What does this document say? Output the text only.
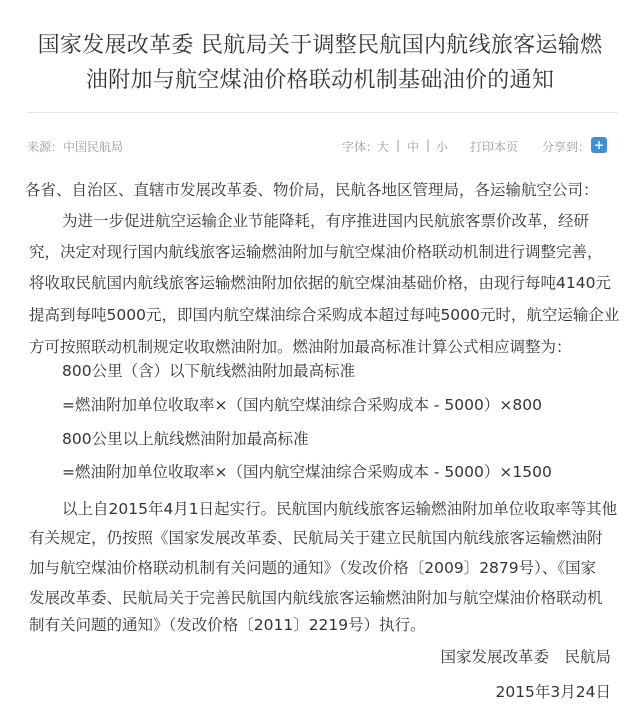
国家发展改革委 民航局关于调整民航国内航线旅客运输燃
油附加与航空煤油价格联动机制基础油价的通知
来源：中国民航局	字体：
大 | 中 | 小 打印本页 分享到： +
各省、自治区、直辖市发展改革委、物价局，民航各地区管理局，各运输航空公司：
为进一步促进航空运输企业节能降耗，有序推进国内民航旅客票价改革，经研
究，决定对现行国内航线旅客运输燃油附加与航空煤油价格联动机制进行调整完善，
将收取民航国内航线旅客运输燃油附加依据的航空煤油基础价格，由现行每吨4140元
提高到每吨5000元，即国内航空煤油综合采购成本超过每吨5000元时，航空运输企业
方可按照联动机制规定收取燃油附加。燃油附加最高标准计算公式相应调整为：
800公里（含）以下航线燃油附加最高标准
=燃油附加单位收取率×（国内航空煤油综合采购成本 - 5000）×800
800公里以上航线燃油附加最高标准
=燃油附加单位收取率×（国内航空煤油综合采购成本 - 5000）×1500
以上自2015年4月1日起实行。民航国内航线旅客运输燃油附加单位收取率等其他
有关规定，仍按照《国家发展改革委、民航局关于建立民航国内航线旅客运输燃油附
加与航空煤油价格联动机制有关问题的通知》（发改价格〔2009〕2879号）、《国家
发展改革委、民航局关于完善民航国内航线旅客运输燃油附加与航空煤油价格联动机
制有关问题的通知》（发改价格〔2011〕2219号）执行。
国家发展改革委　民航局
2015年3月24日
